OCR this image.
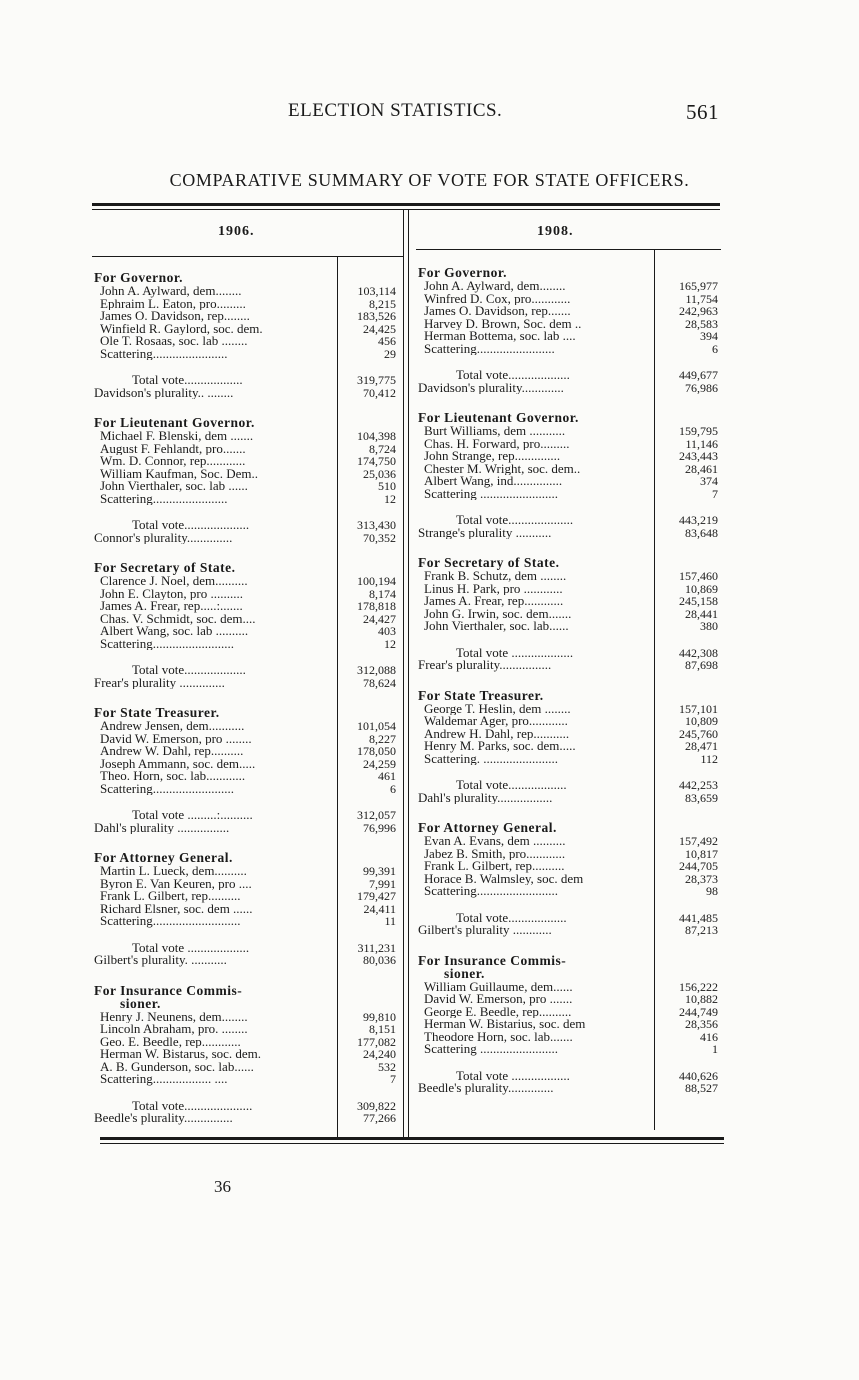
ELECTION STATISTICS.	561
COMPARATIVE SUMMARY OF VOTE FOR STATE OFFICERS.
1906.	1908.
For Governor.
John A. Aylward, dem........	103,114
Ephraim L. Eaton, pro.........	8,215
James O. Davidson, rep........	183,526
Winfield R. Gaylord, soc. dem.	24,425
Ole T. Rosaas, soc. lab ........	456
Scattering.......................	29
Total vote..................	319,775
Davidson's plurality.. ........	70,412
For Lieutenant Governor.
Michael F. Blenski, dem .......	104,398
August F. Fehlandt, pro.......	8,724
Wm. D. Connor, rep............	174,750
William Kaufman, Soc. Dem..	25,036
John Vierthaler, soc. lab ......	510
Scattering.......................	12
Total vote....................	313,430
Connor's plurality..............	70,352
For Secretary of State.
Clarence J. Noel, dem..........	100,194
John E. Clayton, pro ..........	8,174
James A. Frear, rep.....:.......	178,818
Chas. V. Schmidt, soc. dem....	24,427
Albert Wang, soc. lab ..........	403
Scattering.........................	12
Total vote...................	312,088
Frear's plurality ..............	78,624
For State Treasurer.
Andrew Jensen, dem...........	101,054
David W. Emerson, pro ........	8,227
Andrew W. Dahl, rep..........	178,050
Joseph Ammann, soc. dem.....	24,259
Theo. Horn, soc. lab............	461
Scattering.........................	6
Total vote .........:..........	312,057
Dahl's plurality ................	76,996
For Attorney General.
Martin L. Lueck, dem..........	99,391
Byron E. Van Keuren, pro ....	7,991
Frank L. Gilbert, rep..........	179,427
Richard Elsner, soc. dem ......	24,411
Scattering...........................	11
Total vote ...................	311,231
Gilbert's plurality. ...........	80,036
For Insurance Commis-
sioner.
Henry J. Neunens, dem........	99,810
Lincoln Abraham, pro. ........	8,151
Geo. E. Beedle, rep............	177,082
Herman W. Bistarus, soc. dem.	24,240
A. B. Gunderson, soc. lab......	532
Scattering.................. ....	7
Total vote.....................	309,822
Beedle's plurality...............	77,266
For Governor.
John A. Aylward, dem........	165,977
Winfred D. Cox, pro............	11,754
James O. Davidson, rep.......	242,963
Harvey D. Brown, Soc. dem ..	28,583
Herman Bottema, soc. lab ....	394
Scattering........................	6
Total vote...................	449,677
Davidson's plurality.............	76,986
For Lieutenant Governor.
Burt Williams, dem ...........	159,795
Chas. H. Forward, pro.........	11,146
John Strange, rep..............	243,443
Chester M. Wright, soc. dem..	28,461
Albert Wang, ind...............	374
Scattering ........................	7
Total vote....................	443,219
Strange's plurality ...........	83,648
For Secretary of State.
Frank B. Schutz, dem ........	157,460
Linus H. Park, pro ............	10,869
James A. Frear, rep............	245,158
John G. Irwin, soc. dem.......	28,441
John Vierthaler, soc. lab......	380
Total vote ...................	442,308
Frear's plurality................	87,698
For State Treasurer.
George T. Heslin, dem ........	157,101
Waldemar Ager, pro............	10,809
Andrew H. Dahl, rep...........	245,760
Henry M. Parks, soc. dem.....	28,471
Scattering. .......................	112
Total vote..................	442,253
Dahl's plurality.................	83,659
For Attorney General.
Evan A. Evans, dem ..........	157,492
Jabez B. Smith, pro............	10,817
Frank L. Gilbert, rep..........	244,705
Horace B. Walmsley, soc. dem	28,373
Scattering.........................	98
Total vote..................	441,485
Gilbert's plurality ............	87,213
For Insurance Commis-
sioner.
William Guillaume, dem......	156,222
David W. Emerson, pro .......	10,882
George E. Beedle, rep..........	244,749
Herman W. Bistarius, soc. dem	28,356
Theodore Horn, soc. lab.......	416
Scattering ........................	1
Total vote ..................	440,626
Beedle's plurality..............	88,527
36
